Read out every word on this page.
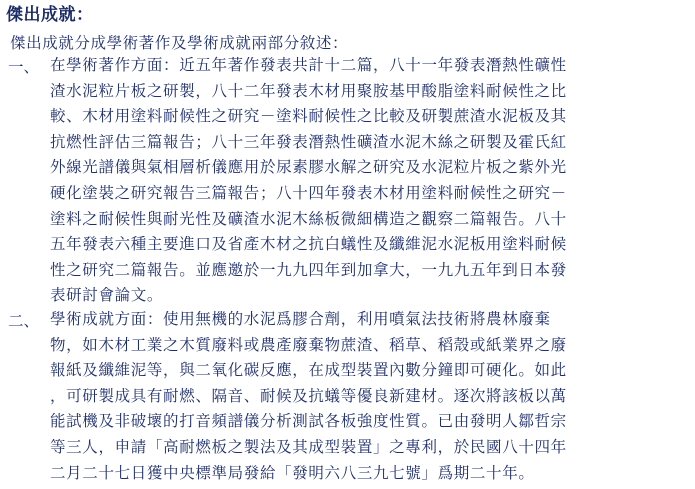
傑出成就：
傑出成就分成學術著作及學術成就兩部分敘述：
一、 在學術著作方面：近五年著作發表共計十二篇，八十一年發表潛熱性礦性
渣水泥粒片板之研製，八十二年發表木材用聚胺基甲酸脂塗料耐候性之比
較、木材用塗料耐候性之研究－塗料耐候性之比較及研製蔗渣水泥板及其
抗燃性評估三篇報告；八十三年發表潛熱性礦渣水泥木絲之研製及霍氏紅
外線光譜儀與氣相層析儀應用於尿素膠水解之研究及水泥粒片板之紫外光
硬化塗裝之研究報告三篇報告；八十四年發表木材用塗料耐候性之研究－
塗料之耐候性與耐光性及礦渣水泥木絲板微細構造之觀察二篇報告。八十
五年發表六種主要進口及省產木材之抗白蟻性及纖維泥水泥板用塗料耐候
性之研究二篇報告。並應邀於一九九四年到加拿大，一九九五年到日本發
表研討會論文。
二、 學術成就方面：使用無機的水泥爲膠合劑，利用噴氣法技術將農林廢棄
物，如木材工業之木質廢料或農產廢棄物蔗渣、稻草、稻殼或紙業界之廢
報紙及纖維泥等，與二氧化碳反應，在成型裝置內數分鐘即可硬化。如此
，可研製成具有耐燃、隔音、耐候及抗蟻等優良新建材。逐次將該板以萬
能試機及非破壞的打音頻譜儀分析測試各板強度性質。已由發明人鄒哲宗
等三人，申請「高耐燃板之製法及其成型裝置」之專利，於民國八十四年
二月二十七日獲中央標準局發給「發明六八三九七號」爲期二十年。
